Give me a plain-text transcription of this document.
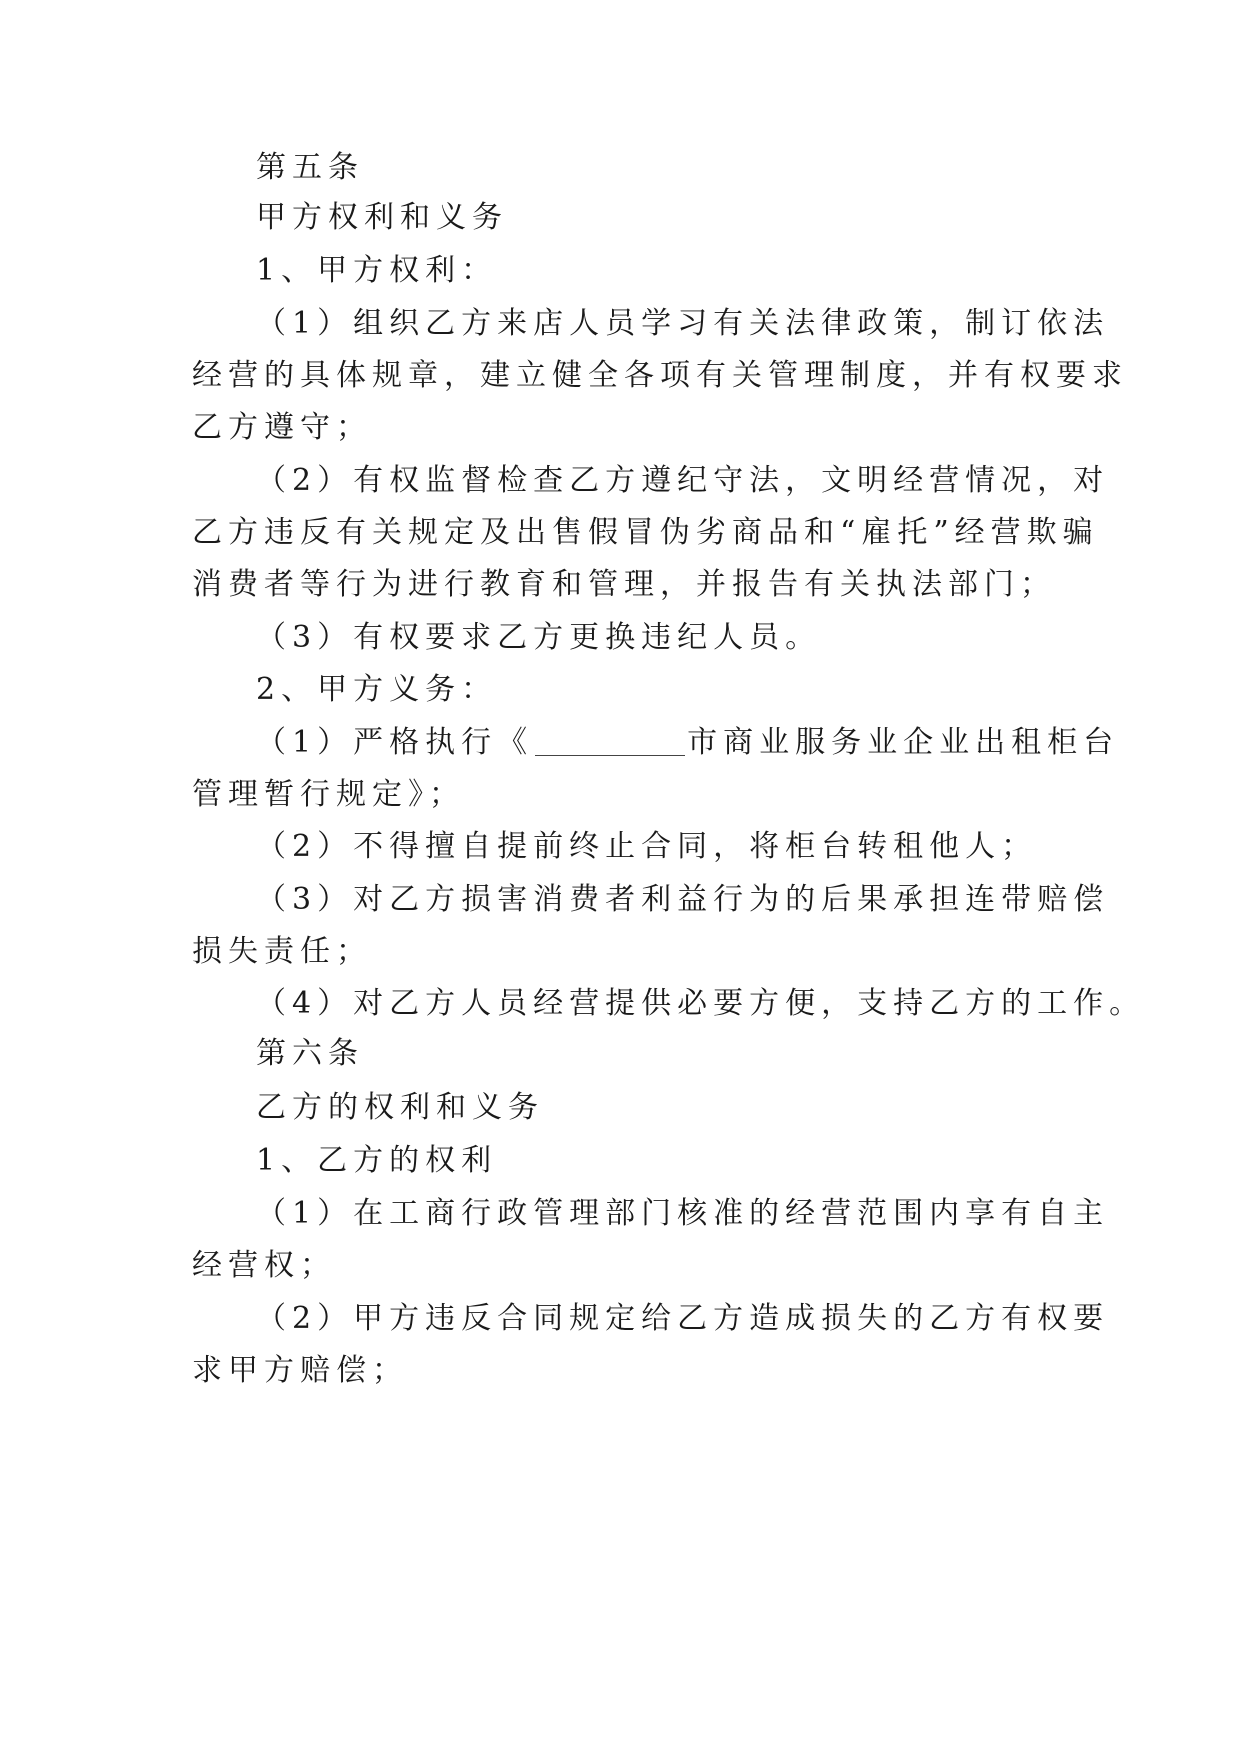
第五条
甲方权利和义务
1、甲方权利：
（1）组织乙方来店人员学习有关法律政策，制订依法
经营的具体规章，建立健全各项有关管理制度，并有权要求
乙方遵守；
（2）有权监督检查乙方遵纪守法，文明经营情况，对
乙方违反有关规定及出售假冒伪劣商品和“雇托”经营欺骗
消费者等行为进行教育和管理，并报告有关执法部门；
（3）有权要求乙方更换违纪人员。
2、甲方义务：
（1）严格执行《	市商业服务业企业出租柜台
管理暂行规定》；
（2）不得擅自提前终止合同，将柜台转租他人；
（3）对乙方损害消费者利益行为的后果承担连带赔偿
损失责任；
（4）对乙方人员经营提供必要方便，支持乙方的工作。
第六条
乙方的权利和义务
1、乙方的权利
（1）在工商行政管理部门核准的经营范围内享有自主
经营权；
（2）甲方违反合同规定给乙方造成损失的乙方有权要
求甲方赔偿；
